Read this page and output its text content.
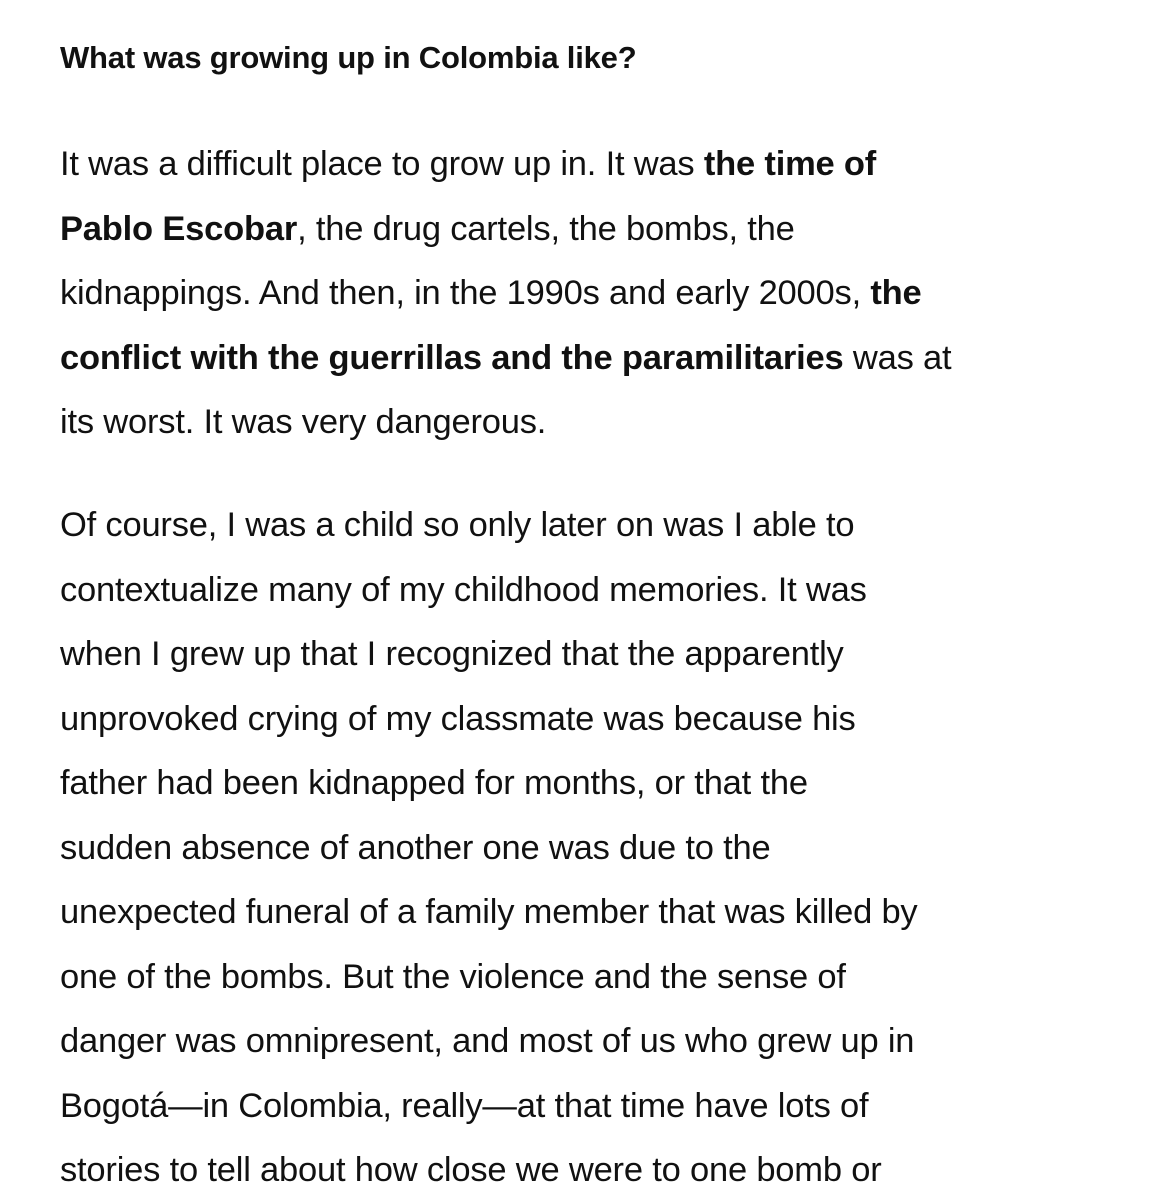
What was growing up in Colombia like?

It was a difficult place to grow up in. It was the time of
Pablo Escobar, the drug cartels, the bombs, the
kidnappings. And then, in the 1990s and early 2000s, the
conflict with the guerrillas and the paramilitaries was at
its worst. It was very dangerous.

Of course, I was a child so only later on was I able to
contextualize many of my childhood memories. It was
when I grew up that I recognized that the apparently
unprovoked crying of my classmate was because his
father had been kidnapped for months, or that the
sudden absence of another one was due to the
unexpected funeral of a family member that was killed by
one of the bombs. But the violence and the sense of
danger was omnipresent, and most of us who grew up in
Bogotá—in Colombia, really—at that time have lots of
stories to tell about how close we were to one bomb or
